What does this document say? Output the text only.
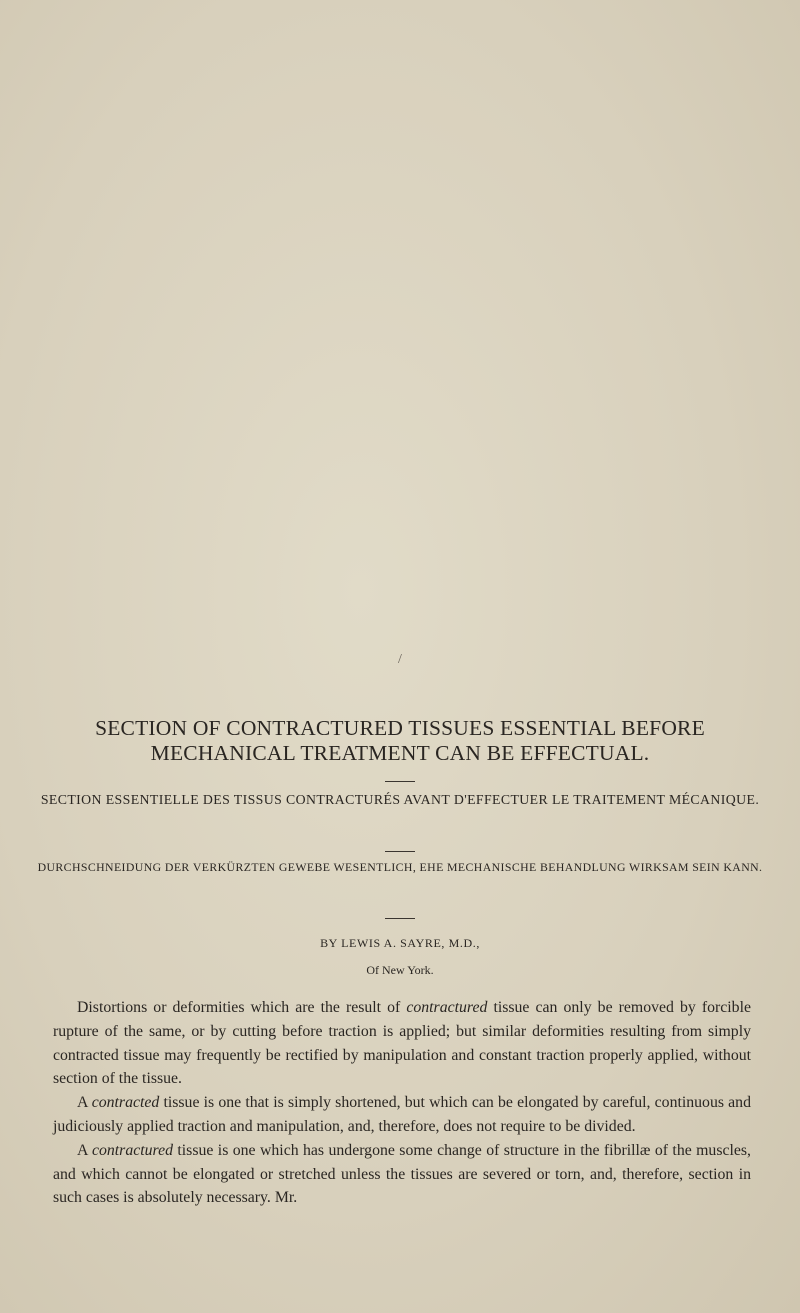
/
SECTION OF CONTRACTURED TISSUES ESSENTIAL BEFORE MECHANICAL TREATMENT CAN BE EFFECTUAL.
SECTION ESSENTIELLE DES TISSUS CONTRACTURÉS AVANT D'EFFECTUER LE TRAITEMENT MÉCANIQUE.
DURCHSCHNEIDUNG DER VERKÜRZTEN GEWEBE WESENTLICH, EHE MECHANISCHE BEHANDLUNG WIRKSAM SEIN KANN.
BY LEWIS A. SAYRE, M.D.,
Of New York.

Distortions or deformities which are the result of contractured tissue can only be removed by forcible rupture of the same, or by cutting before traction is applied; but similar deformities resulting from simply contracted tissue may frequently be rectified by manipulation and constant traction properly applied, without section of the tissue.

A contracted tissue is one that is simply shortened, but which can be elongated by careful, continuous and judiciously applied traction and manipulation, and, therefore, does not require to be divided.

A contractured tissue is one which has undergone some change of structure in the fibrillæ of the muscles, and which cannot be elongated or stretched unless the tissues are severed or torn, and, therefore, section in such cases is absolutely necessary. Mr.
